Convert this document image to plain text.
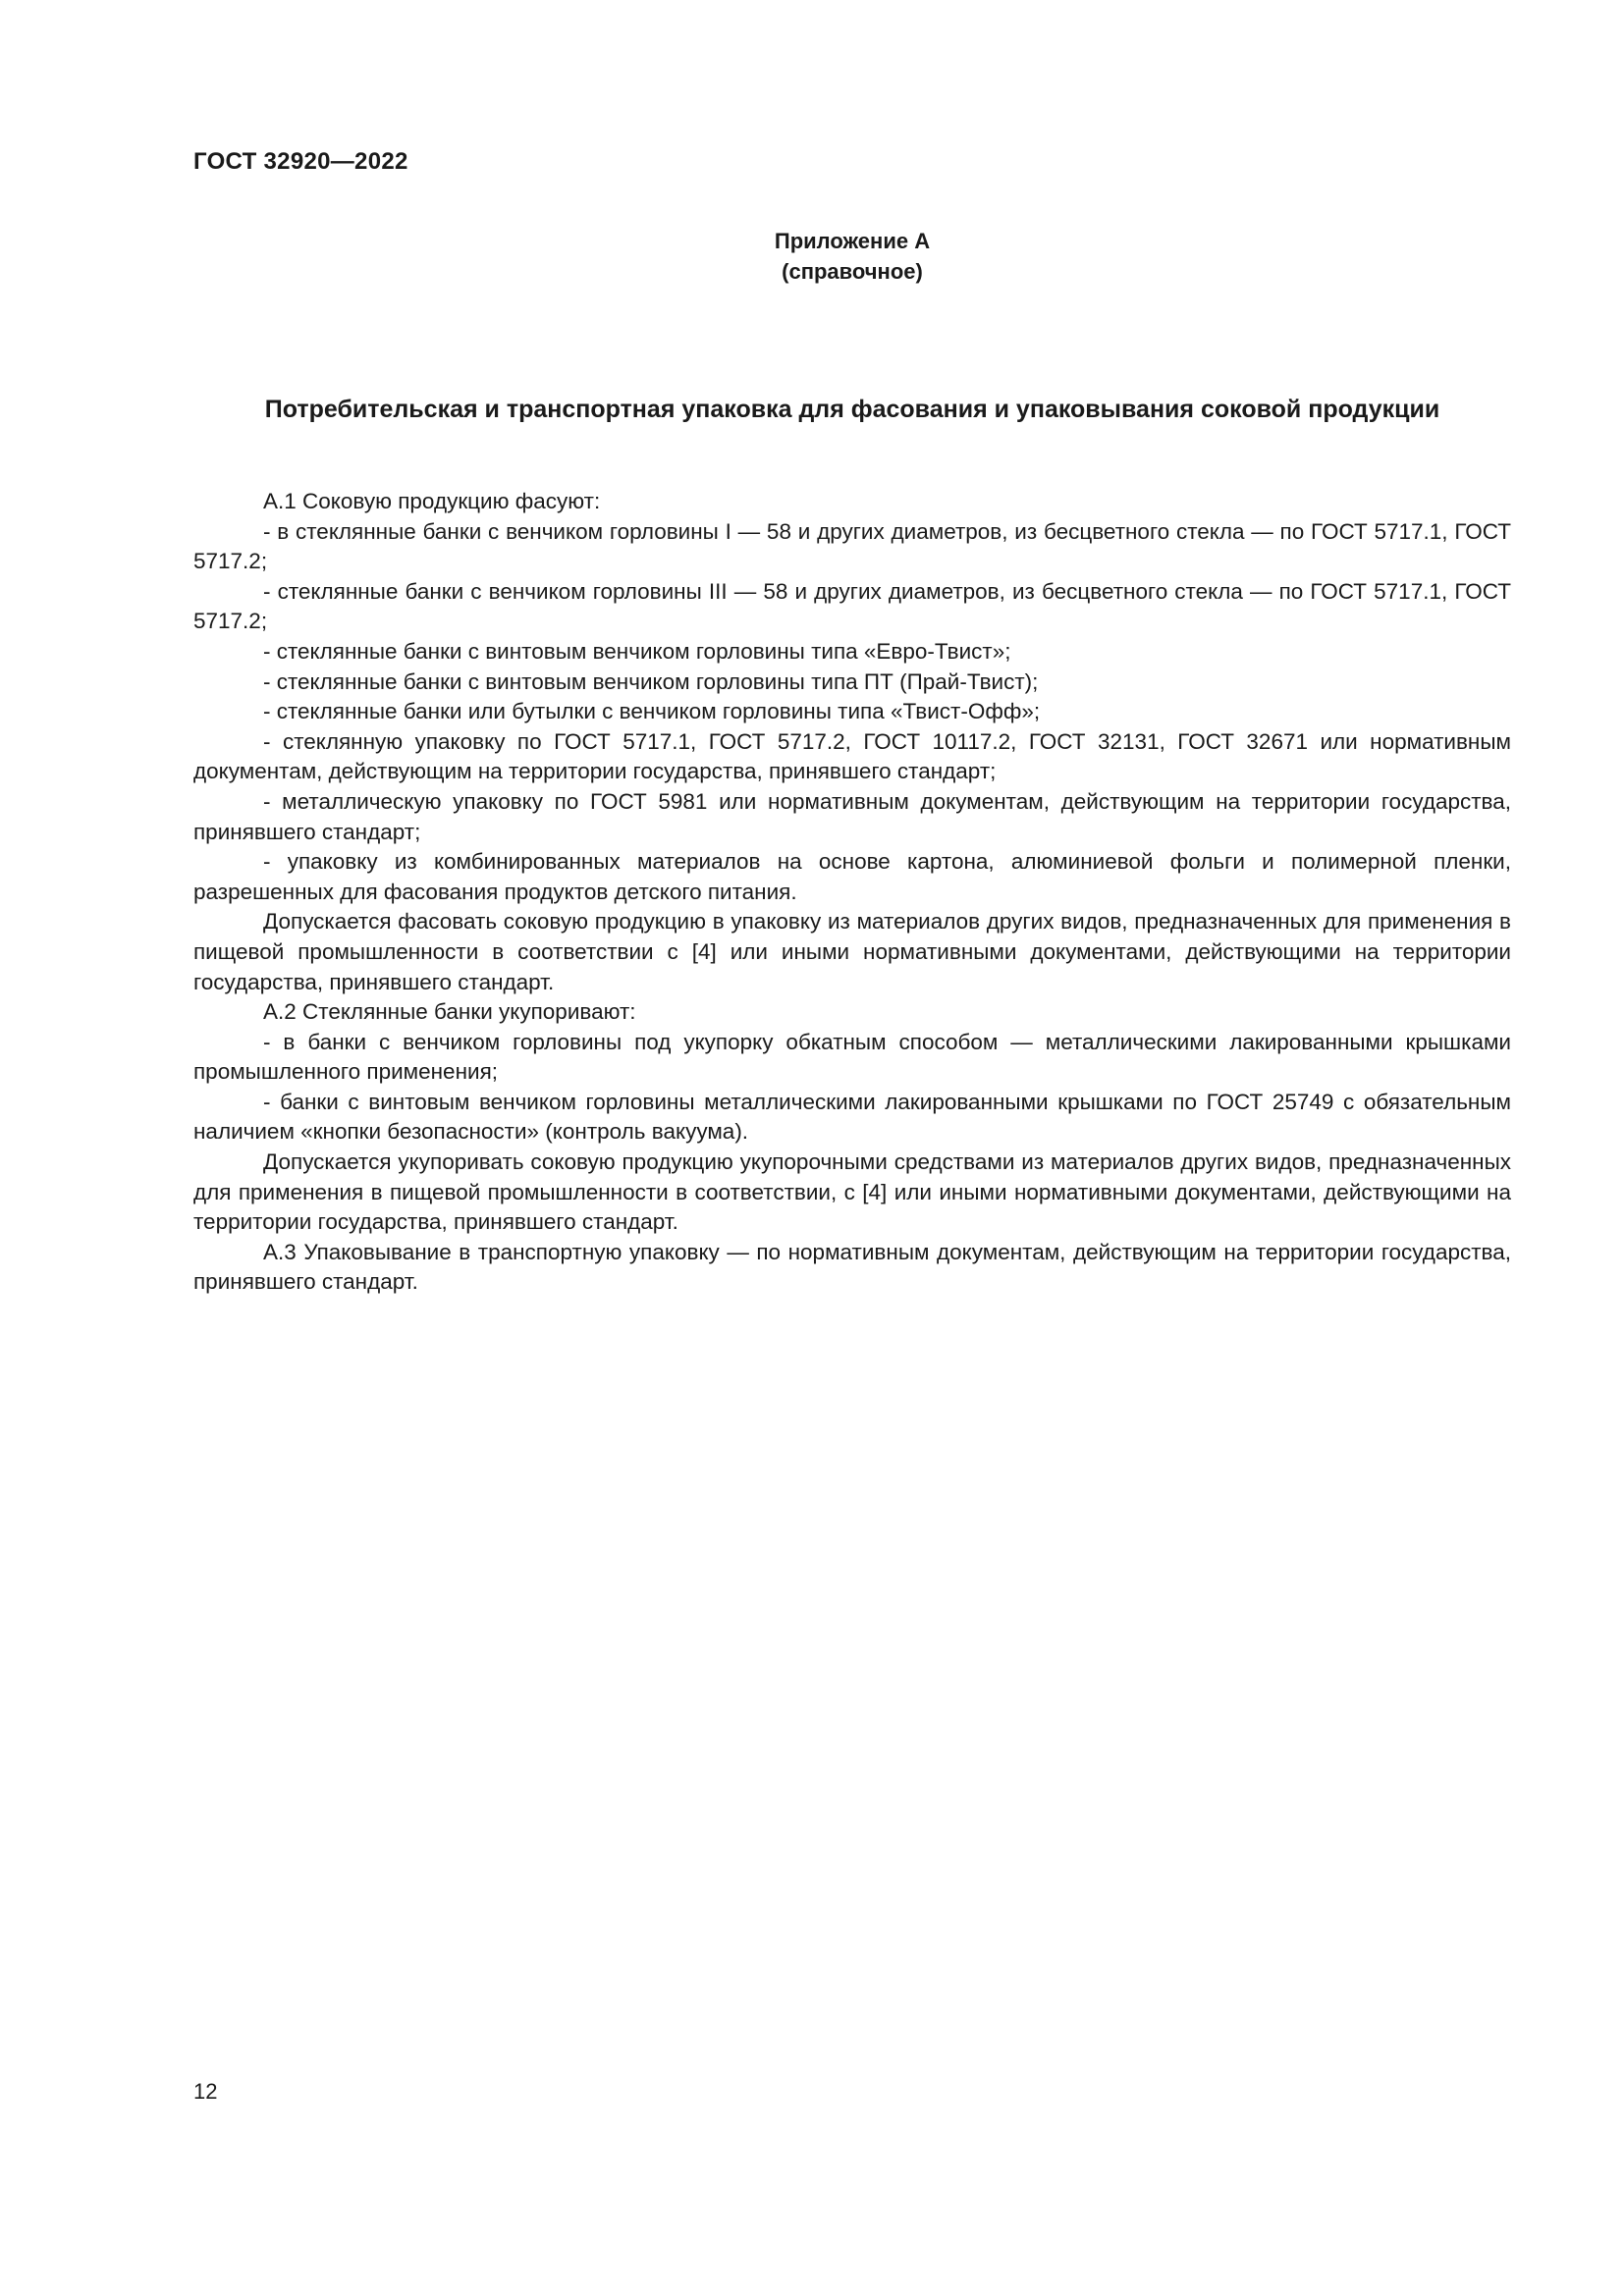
ГОСТ 32920—2022
Приложение А
(справочное)
Потребительская и транспортная упаковка для фасования и упаковывания соковой продукции

А.1 Соковую продукцию фасуют:

- в стеклянные банки с венчиком горловины I — 58 и других диаметров, из бесцветного стекла — по ГОСТ 5717.1, ГОСТ 5717.2;

- стеклянные банки с венчиком горловины III — 58 и других диаметров, из бесцветного стекла — по ГОСТ 5717.1, ГОСТ 5717.2;

- стеклянные банки с винтовым венчиком горловины типа «Евро-Твист»;

- стеклянные банки с винтовым венчиком горловины типа ПТ (Прай-Твист);

- стеклянные банки или бутылки с венчиком горловины типа «Твист-Офф»;

- стеклянную упаковку по ГОСТ 5717.1, ГОСТ 5717.2, ГОСТ 10117.2, ГОСТ 32131, ГОСТ 32671 или нормативным документам, действующим на территории государства, принявшего стандарт;

- металлическую упаковку по ГОСТ 5981 или нормативным документам, действующим на территории государства, принявшего стандарт;

- упаковку из комбинированных материалов на основе картона, алюминиевой фольги и полимерной пленки, разрешенных для фасования продуктов детского питания.

Допускается фасовать соковую продукцию в упаковку из материалов других видов, предназначенных для применения в пищевой промышленности в соответствии с [4] или иными нормативными документами, действующими на территории государства, принявшего стандарт.

А.2 Стеклянные банки укупоривают:

- в банки с венчиком горловины под укупорку обкатным способом — металлическими лакированными крышками промышленного применения;

- банки с винтовым венчиком горловины металлическими лакированными крышками по ГОСТ 25749 с обязательным наличием «кнопки безопасности» (контроль вакуума).

Допускается укупоривать соковую продукцию укупорочными средствами из материалов других видов, предназначенных для применения в пищевой промышленности в соответствии, с [4] или иными нормативными документами, действующими на территории государства, принявшего стандарт.

А.3 Упаковывание в транспортную упаковку — по нормативным документам, действующим на территории государства, принявшего стандарт.

12
